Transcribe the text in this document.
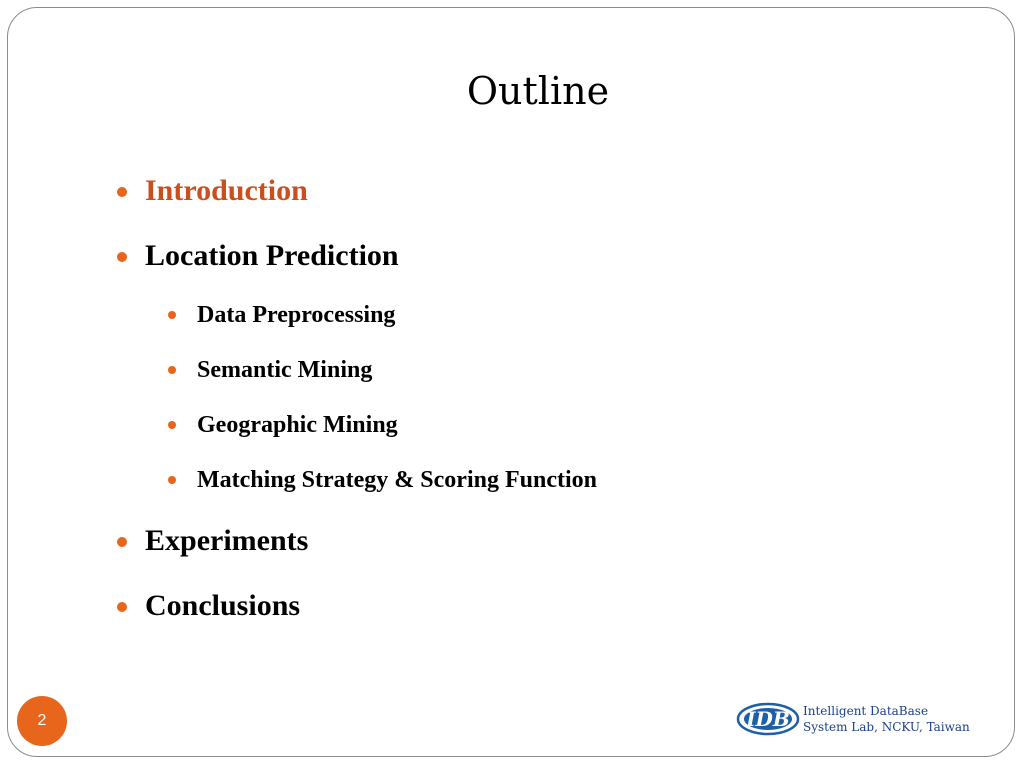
Outline
Introduction
Location Prediction
Data Preprocessing
Semantic Mining
Geographic Mining
Matching Strategy & Scoring Function
Experiments
Conclusions
2	IDB Intelligent DataBase
System Lab, NCKU, Taiwan
